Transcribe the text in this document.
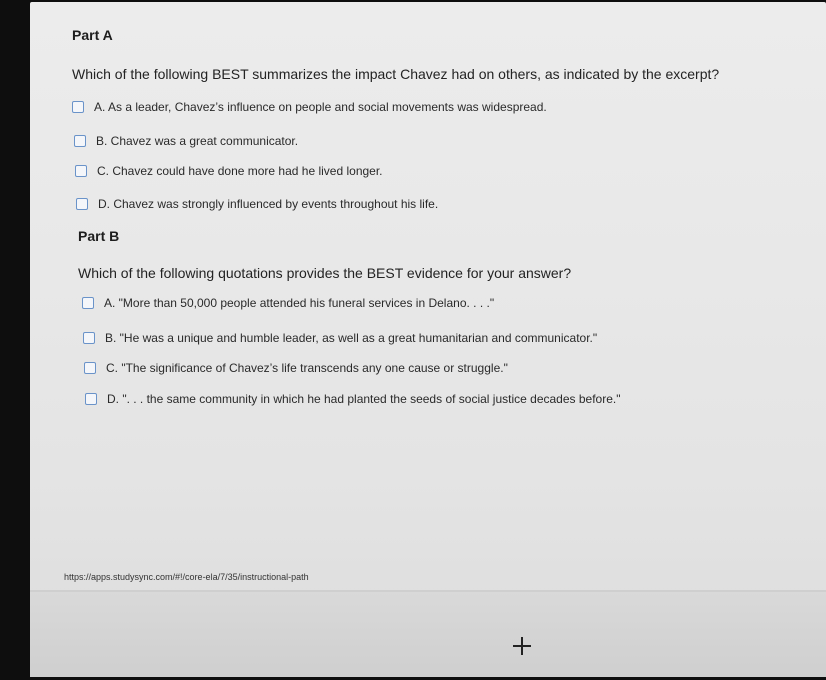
Part A
Which of the following BEST summarizes the impact Chavez had on others, as indicated by the excerpt?
A. As a leader, Chavez’s influence on people and social movements was widespread.
B. Chavez was a great communicator.
C. Chavez could have done more had he lived longer.
D. Chavez was strongly influenced by events throughout his life.
Part B
Which of the following quotations provides the BEST evidence for your answer?
A. "More than 50,000 people attended his funeral services in Delano. . . ."
B. "He was a unique and humble leader, as well as a great humanitarian and communicator."
C. "The significance of Chavez’s life transcends any one cause or struggle."
D. ". . . the same community in which he had planted the seeds of social justice decades before."
https://apps.studysync.com/#!/core-ela/7/35/instructional-path
